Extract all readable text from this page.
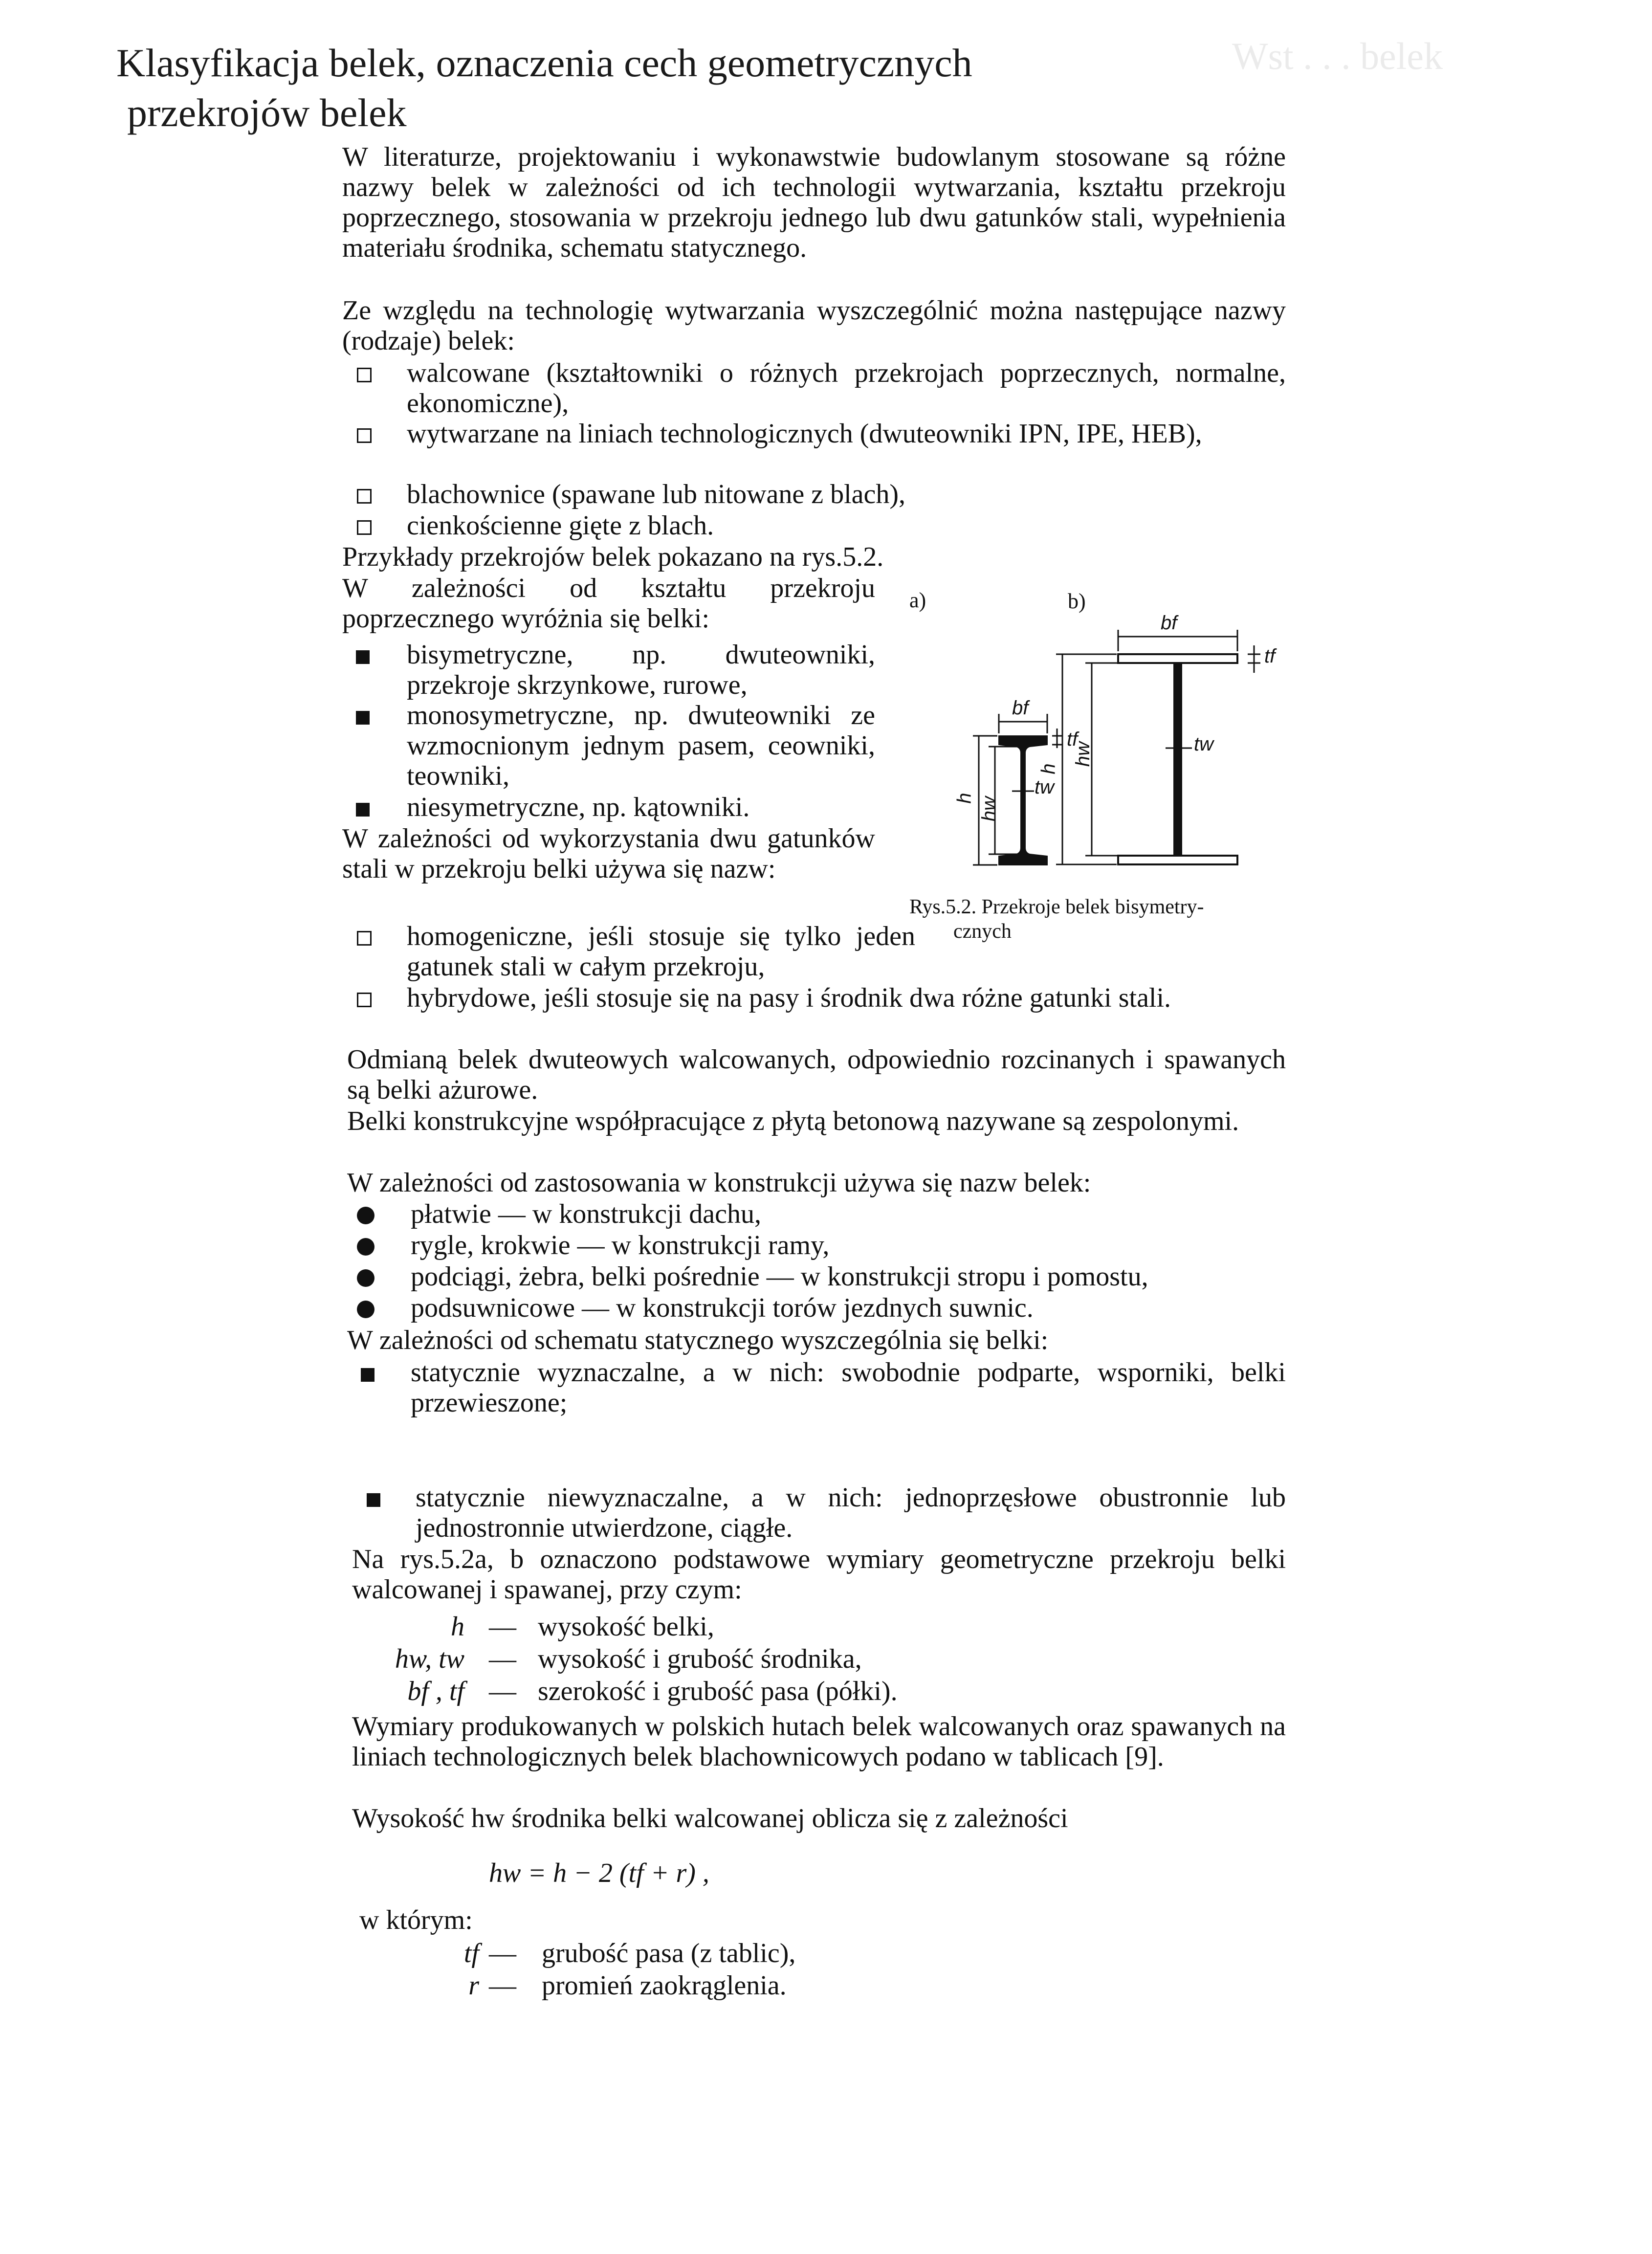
Wst . . . belek
Klasyfikacja belek, oznaczenia cech geometrycznych
przekrojów belek
W literaturze, projektowaniu i wykonawstwie budowlanym stosowane są różne nazwy belek w zależności od ich technologii wytwarzania, kształtu przekroju poprzecznego, stosowania w przekroju jednego lub dwu gatunków stali, wypełnienia materiału środnika, schematu statycznego.
Ze względu na technologię wytwarzania wyszczególnić można następujące nazwy (rodzaje) belek:
walcowane (kształtowniki o różnych przekrojach poprzecznych, normalne, ekonomiczne),
wytwarzane na liniach technologicznych (dwuteowniki IPN, IPE, HEB),
blachownice (spawane lub nitowane z blach),
cienkościenne gięte z blach.
Przykłady przekrojów belek pokazano na rys.5.2.
W zależności od kształtu przekroju poprzecznego wyróżnia się belki:
bisymetryczne, np. dwuteowniki, przekroje skrzynkowe, rurowe,
monosymetryczne, np. dwuteowniki ze wzmocnionym jednym pasem, ceowniki, teowniki,
niesymetryczne, np. kątowniki.
W zależności od wykorzystania dwu gatunków stali w przekroju belki używa się nazw:
homogeniczne, jeśli stosuje się tylko jeden gatunek stali w całym przekroju,
hybrydowe, jeśli stosuje się na pasy i środnik dwa różne gatunki stali.
a)	b)
bf
bf
tf
tf
tw
tw
h
h
hw
hw
Rys.5.2. Przekroje belek bisymetry-
cznych
Odmianą belek dwuteowych walcowanych, odpowiednio rozcinanych i spawanych są belki ażurowe.
Belki konstrukcyjne współpracujące z płytą betonową nazywane są zespolonymi.
W zależności od zastosowania w konstrukcji używa się nazw belek:
płatwie — w konstrukcji dachu,
rygle, krokwie — w konstrukcji ramy,
podciągi, żebra, belki pośrednie — w konstrukcji stropu i pomostu,
podsuwnicowe — w konstrukcji torów jezdnych suwnic.
W zależności od schematu statycznego wyszczególnia się belki:
statycznie wyznaczalne, a w nich: swobodnie podparte, wsporniki, belki przewieszone;
statycznie niewyznaczalne, a w nich: jednoprzęsłowe obustronnie lub jednostronnie utwierdzone, ciągłe.
Na rys.5.2a, b oznaczono podstawowe wymiary geometryczne przekroju belki walcowanej i spawanej, przy czym:
h — wysokość belki,
hw, tw — wysokość i grubość środnika,
bf , tf — szerokość i grubość pasa (półki).
Wymiary produkowanych w polskich hutach belek walcowanych oraz spawanych na liniach technologicznych belek blachownicowych podano w tablicach [9].
Wysokość hw środnika belki walcowanej oblicza się z zależności
hw = h − 2 (tf + r) ,
w którym:
tf — grubość pasa (z tablic),
r — promień zaokrąglenia.
